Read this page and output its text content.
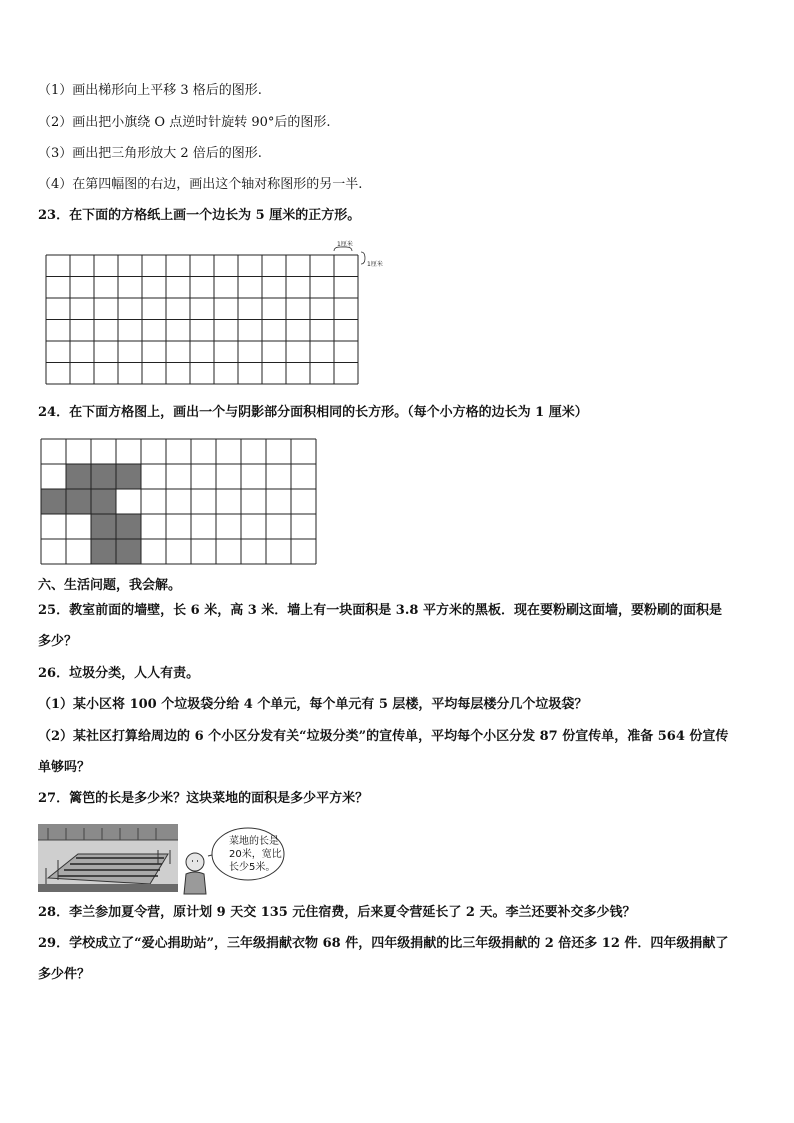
（1）画出梯形向上平移 3 格后的图形.
（2）画出把小旗绕 O 点逆时针旋转 90°后的图形.
（3）画出把三角形放大 2 倍后的图形.
（4）在第四幅图的右边，画出这个轴对称图形的另一半.
23．在下面的方格纸上画一个边长为 5 厘米的正方形。
1厘米
1厘米
24．在下面方格图上，画出一个与阴影部分面积相同的长方形。（每个小方格的边长为 1 厘米）
六、生活问题，我会解。
25．教室前面的墙壁，长 6 米，高 3 米．墙上有一块面积是 3.8 平方米的黑板．现在要粉刷这面墙，要粉刷的面积是
多少？
26．垃圾分类，人人有责。
（1）某小区将 100 个垃圾袋分给 4 个单元，每个单元有 5 层楼，平均每层楼分几个垃圾袋？
（2）某社区打算给周边的 6 个小区分发有关“垃圾分类”的宣传单，平均每个小区分发 87 份宣传单，准备 564 份宣传
单够吗？
27．篱笆的长是多少米？这块菜地的面积是多少平方米？
菜地的长是
20米，宽比
长少5米。
28．李兰参加夏令营，原计划 9 天交 135 元住宿费，后来夏令营延长了 2 天。李兰还要补交多少钱？
29．学校成立了“爱心捐助站”，三年级捐献衣物 68 件，四年级捐献的比三年级捐献的 2 倍还多 12 件．四年级捐献了
多少件？
